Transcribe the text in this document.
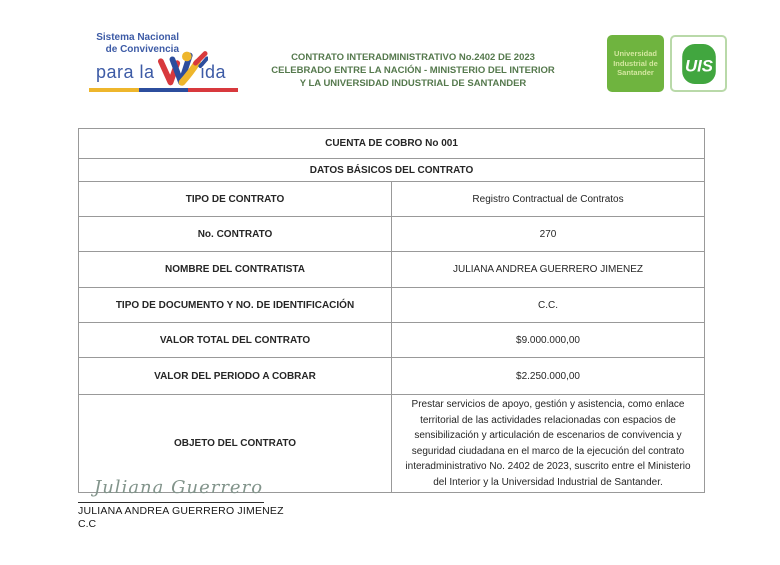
Sistema Nacional
de Convivencia
para la	ida
CONTRATO INTERADMINISTRATIVO No.2402 DE 2023
CELEBRADO ENTRE LA NACIÓN - MINISTERIO DEL INTERIOR
Y LA UNIVERSIDAD INDUSTRIAL DE SANTANDER
Universidad
Industrial de
Santander UIS
CUENTA DE COBRO No 001	
DATOS BÁSICOS DEL CONTRATO	
TIPO DE CONTRATO	Registro Contractual de Contratos
No. CONTRATO	270
NOMBRE DEL CONTRATISTA	JULIANA ANDREA GUERRERO JIMENEZ
TIPO DE DOCUMENTO Y NO. DE IDENTIFICACIÓN	C.C.
VALOR TOTAL DEL CONTRATO	$9.000.000,00
VALOR DEL PERIODO A COBRAR	$2.250.000,00
OBJETO DEL CONTRATO	Prestar servicios de apoyo, gestión y asistencia, como enlace territorial de las actividades relacionadas con espacios de sensibilización y articulación de escenarios de convivencia y seguridad ciudadana en el marco de la ejecución del contrato interadministrativo No. 2402 de 2023, suscrito entre el Ministerio del Interior y la Universidad Industrial de Santander.
Juliana Guerrero
JULIANA ANDREA GUERRERO JIMENEZ
C.C
